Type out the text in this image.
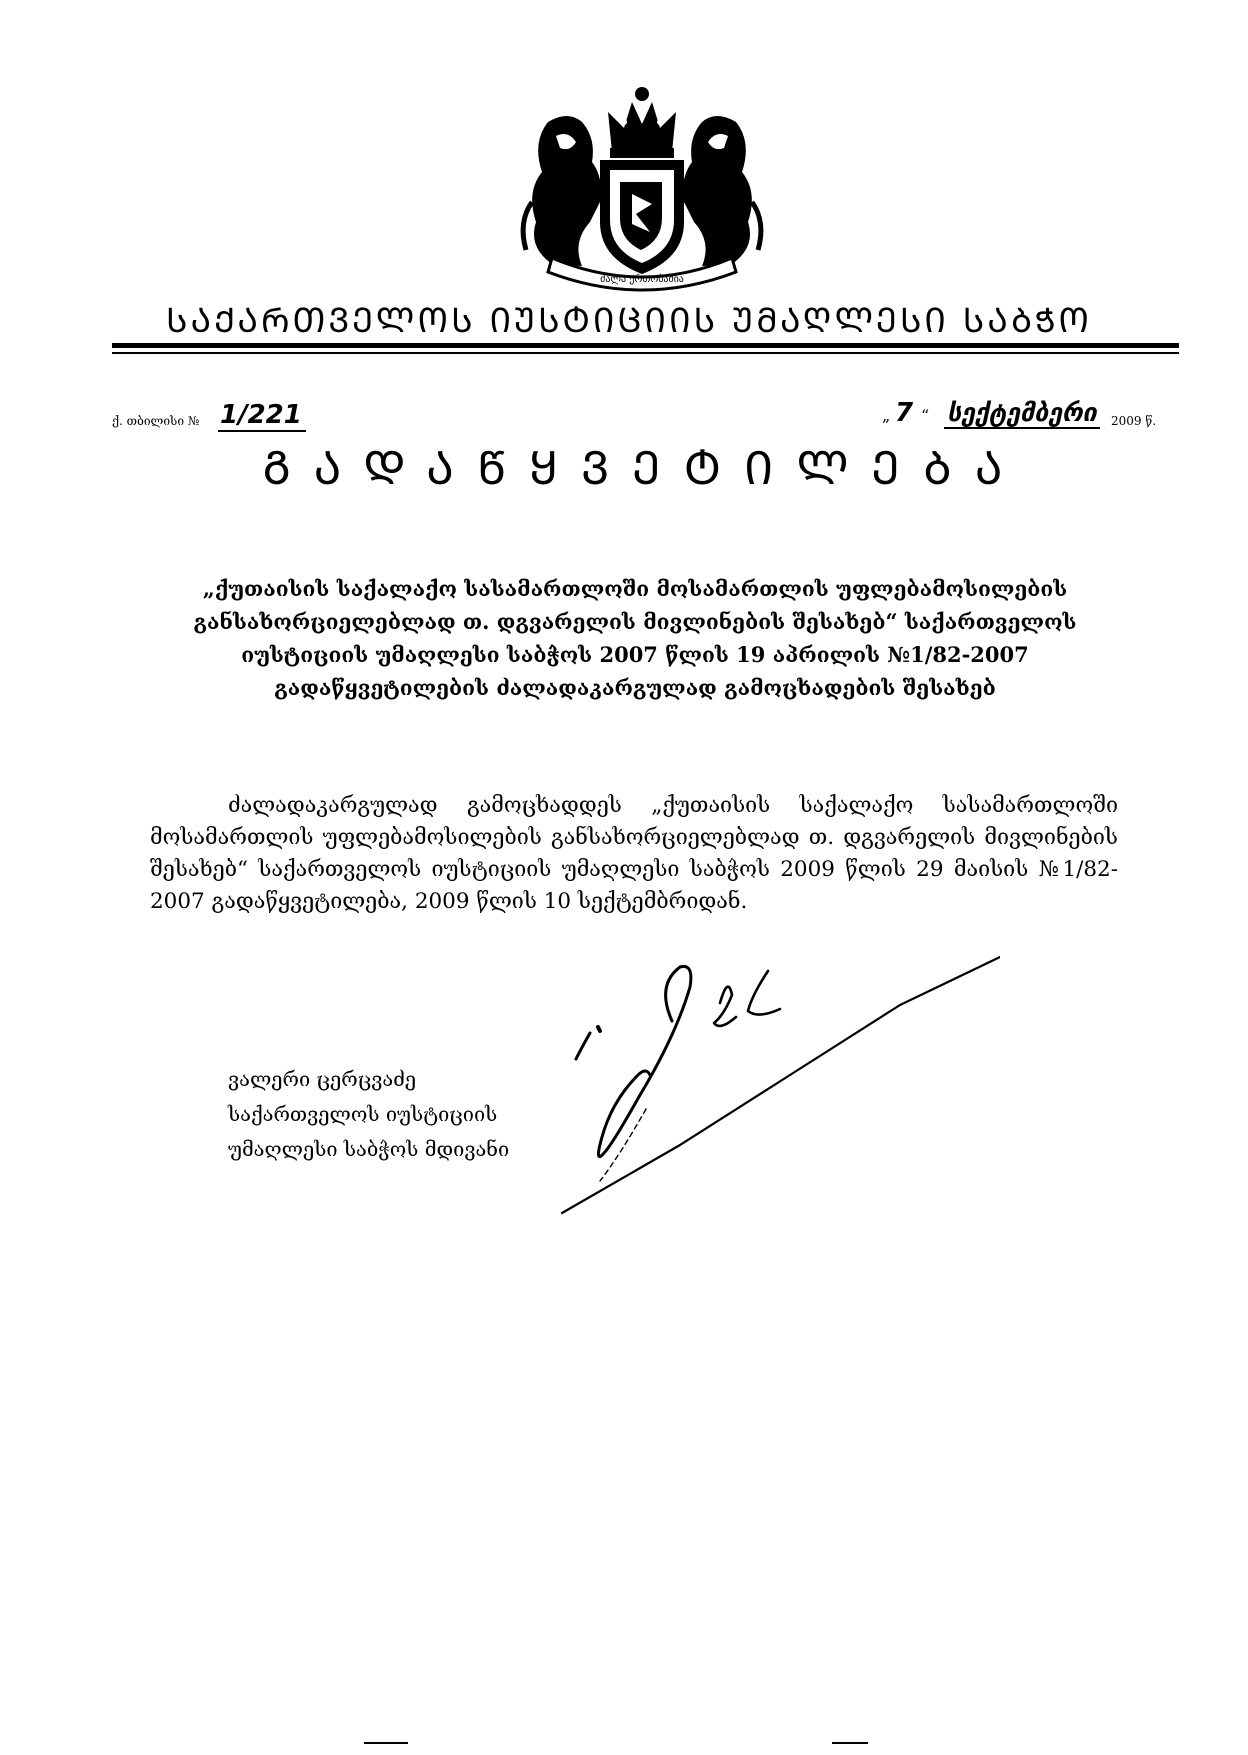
ძალა ერთობაშია
ᲡᲐᲥᲐᲠᲗᲕᲔᲚᲝᲡ ᲘᲣᲡᲢᲘᲪᲘᲘᲡ ᲣᲛᲐᲦᲚᲔᲡᲘ ᲡᲐᲑᲭᲝ
ქ. თბილისი № 1/221	„ 7 “ სექტემბერი 2009 წ.
ᲒᲐᲓᲐᲬᲧᲕᲔᲢᲘᲚᲔᲑᲐ
„ქუთაისის საქალაქო სასამართლოში მოსამართლის უფლებამოსილების განსახორციელებლად თ. დგვარელის მივლინების შესახებ“ საქართველოს იუსტიციის უმაღლესი საბჭოს 2007 წლის 19 აპრილის №1/82-2007 გადაწყვეტილების ძალადაკარგულად გამოცხადების შესახებ
ძალადაკარგულად გამოცხადდეს „ქუთაისის საქალაქო სასამართლოში მოსამართლის უფლებამოსილების განსახორციელებლად თ. დგვარელის მივლინების შესახებ“ საქართველოს იუსტიციის უმაღლესი საბჭოს 2009 წლის 29 მაისის №1/82-2007 გადაწყვეტილება, 2009 წლის 10 სექტემბრიდან.
ვალერი ცერცვაძე
საქართველოს იუსტიციის
უმაღლესი საბჭოს მდივანი
